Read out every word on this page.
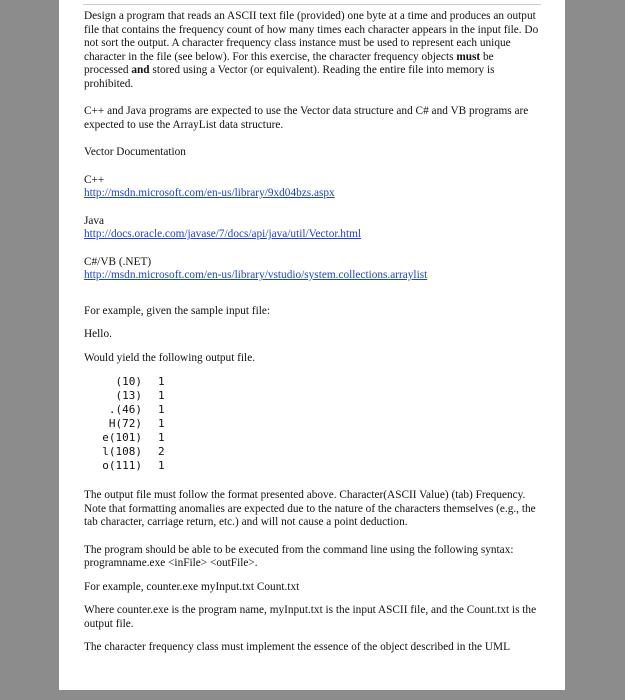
Design a program that reads an ASCII text file (provided) one byte at a time and produces an output file that contains the frequency count of how many times each character appears in the input file. Do not sort the output. A character frequency class instance must be used to represent each unique character in the file (see below). For this exercise, the character frequency objects must be processed and stored using a Vector (or equivalent). Reading the entire file into memory is prohibited.

C++ and Java programs are expected to use the Vector data structure and C# and VB programs are expected to use the ArrayList data structure.

Vector Documentation

C++

http://msdn.microsoft.com/en-us/library/9xd04bzs.aspx

Java

http://docs.oracle.com/javase/7/docs/api/java/util/Vector.html

C#/VB (.NET)

http://msdn.microsoft.com/en-us/library/vstudio/system.collections.arraylist

For example, given the sample input file:

Hello.

Would yield the following output file.

(10)	1
(13)	1
.(46)	1
H(72)	1
e(101)	1
l(108)	2
o(111)	1

The output file must follow the format presented above. Character(ASCII Value) (tab) Frequency. Note that formatting anomalies are expected due to the nature of the characters themselves (e.g., the tab character, carriage return, etc.) and will not cause a point deduction.

The program should be able to be executed from the command line using the following syntax: programname.exe <inFile> <outFile>.

For example, counter.exe myInput.txt Count.txt

Where counter.exe is the program name, myInput.txt is the input ASCII file, and the Count.txt is the output file.

The character frequency class must implement the essence of the object described in the UML
